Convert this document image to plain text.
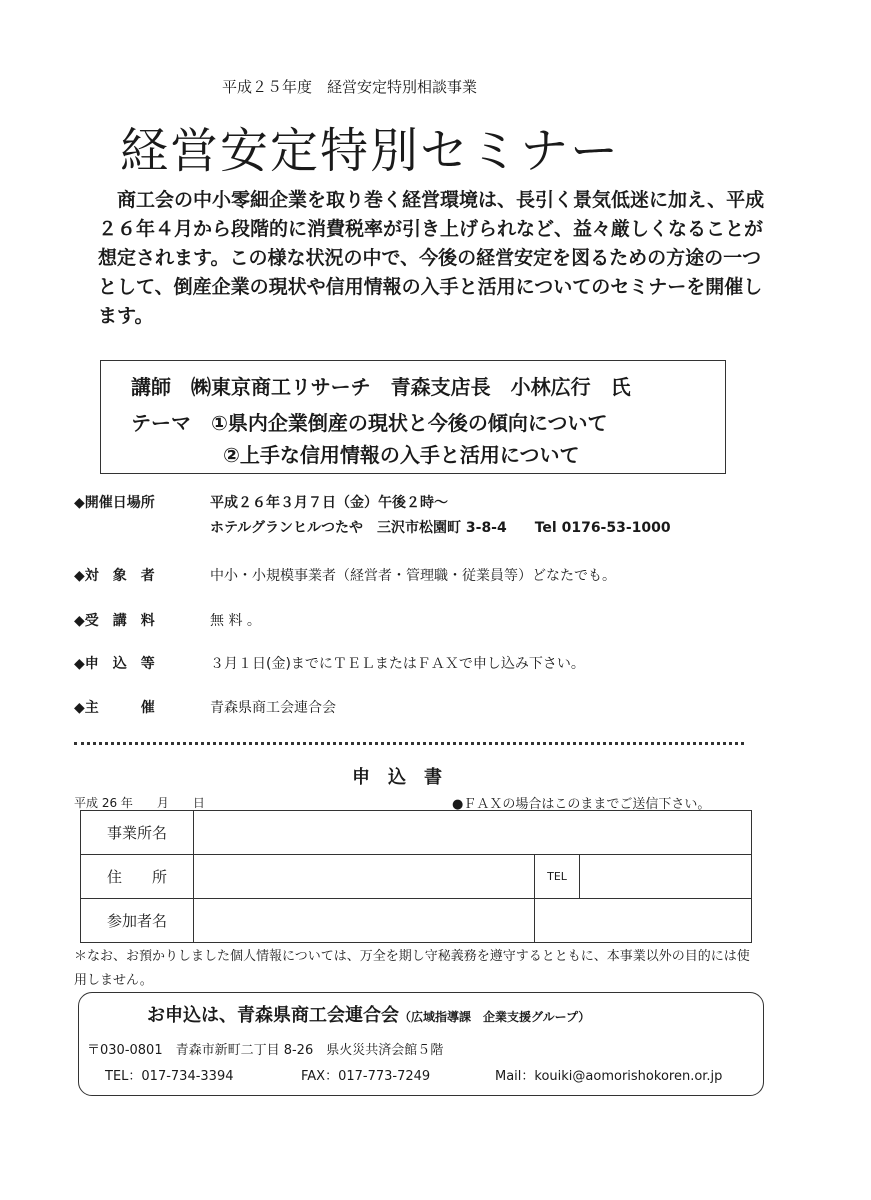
平成２５年度　経営安定特別相談事業
経営安定特別セミナー
商工会の中小零細企業を取り巻く経営環境は、長引く景気低迷に加え、平成２６年４月から段階的に消費税率が引き上げられなど、益々厳しくなることが想定されます。この様な状況の中で、今後の経営安定を図るための方途の一つとして、倒産企業の現状や信用情報の入手と活用についてのセミナーを開催します。
講師　㈱東京商工リサーチ　青森支店長　小林広行　氏
テーマ　①県内企業倒産の現状と今後の傾向について
②上手な信用情報の入手と活用について
◆開催日場所	平成２６年３月７日（金）午後２時～
ホテルグランヒルつたや　三沢市松園町 3-8-4　　Tel 0176-53-1000
◆対　象　者	中小・小規模事業者（経営者・管理職・従業員等）どなたでも。
◆受　講　料	無 料 。
◆申　込　等	３月１日(金)までにＴＥＬまたはＦＡＸで申し込み下さい。
◆主　　　催	青森県商工会連合会
申　込　書
平成 26 年　　月　　日	●ＦＡＸの場合はこのままでご送信下さい。
事業所名			
住　　所		TEL	
参加者名			
＊なお、お預かりしました個人情報については、万全を期し守秘義務を遵守するとともに、本事業以外の目的には使用しません。
お申込は、青森県商工会連合会（広域指導課　企業支援グループ）
〒030-0801　青森市新町二丁目 8-26　県火災共済会館５階
TEL：017-734-3394	FAX：017-773-7249	Mail：kouiki@aomorishokoren.or.jp
